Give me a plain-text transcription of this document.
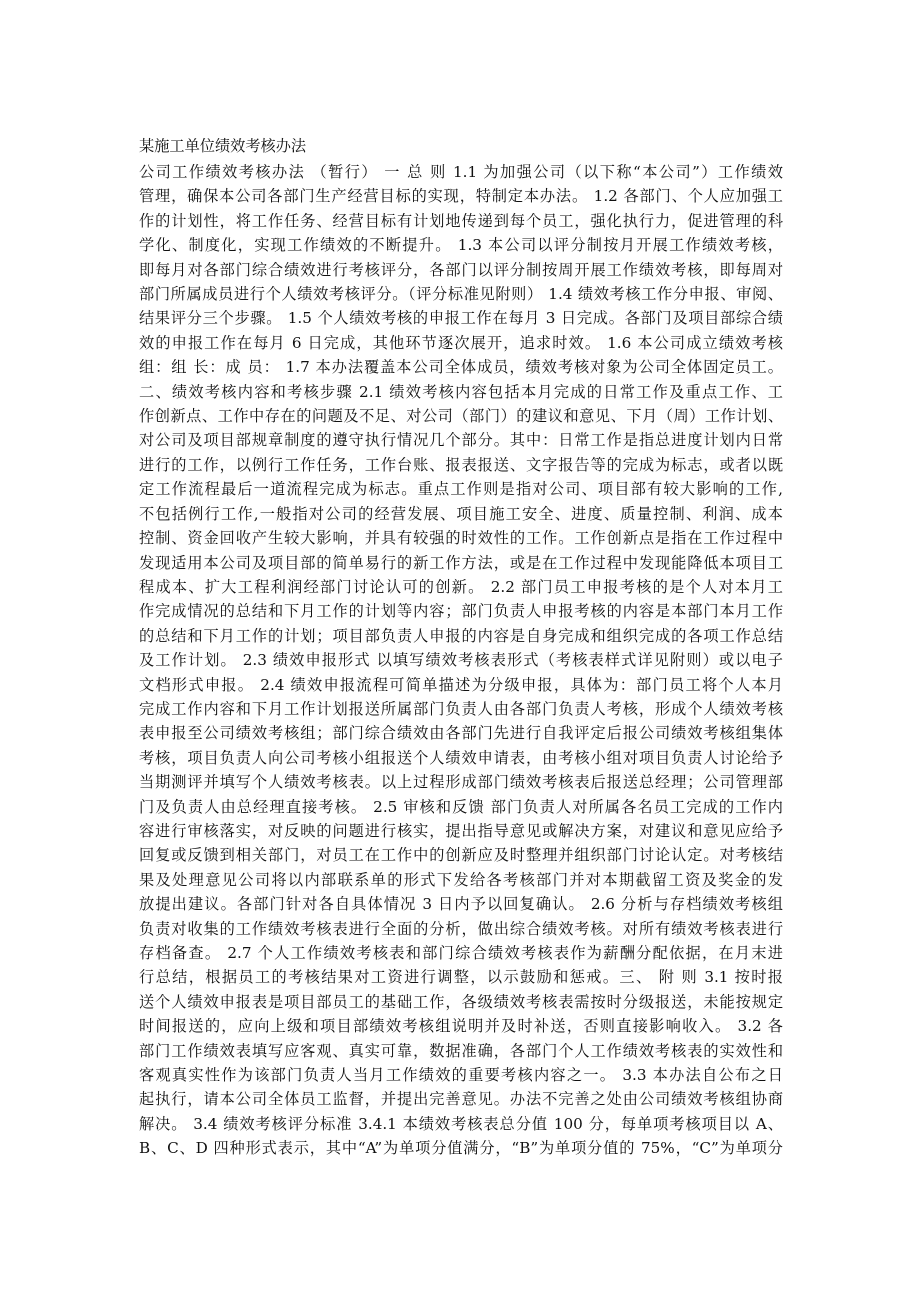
某施工单位绩效考核办法
公司工作绩效考核办法 （暂行） 一 总 则 1.1 为加强公司（以下称“本公司”）工作绩效
管理，确保本公司各部门生产经营目标的实现，特制定本办法。 1.2 各部门、个人应加强工
作的计划性，将工作任务、经营目标有计划地传递到每个员工，强化执行力，促进管理的科
学化、制度化，实现工作绩效的不断提升。 1.3 本公司以评分制按月开展工作绩效考核，
即每月对各部门综合绩效进行考核评分，各部门以评分制按周开展工作绩效考核，即每周对
部门所属成员进行个人绩效考核评分。（评分标准见附则） 1.4 绩效考核工作分申报、审阅、
结果评分三个步骤。 1.5 个人绩效考核的申报工作在每月 3 日完成。各部门及项目部综合绩
效的申报工作在每月 6 日完成，其他环节逐次展开，追求时效。 1.6 本公司成立绩效考核
组：组 长：成 员： 1.7 本办法覆盖本公司全体成员，绩效考核对象为公司全体固定员工。
二、绩效考核内容和考核步骤 2.1 绩效考核内容包括本月完成的日常工作及重点工作、工
作创新点、工作中存在的问题及不足、对公司（部门）的建议和意见、下月（周）工作计划、
对公司及项目部规章制度的遵守执行情况几个部分。其中：日常工作是指总进度计划内日常
进行的工作，以例行工作任务，工作台账、报表报送、文字报告等的完成为标志，或者以既
定工作流程最后一道流程完成为标志。重点工作则是指对公司、项目部有较大影响的工作,
不包括例行工作,一般指对公司的经营发展、项目施工安全、进度、质量控制、利润、成本
控制、资金回收产生较大影响，并具有较强的时效性的工作。工作创新点是指在工作过程中
发现适用本公司及项目部的简单易行的新工作方法，或是在工作过程中发现能降低本项目工
程成本、扩大工程利润经部门讨论认可的创新。 2.2 部门员工申报考核的是个人对本月工
作完成情况的总结和下月工作的计划等内容；部门负责人申报考核的内容是本部门本月工作
的总结和下月工作的计划；项目部负责人申报的内容是自身完成和组织完成的各项工作总结
及工作计划。 2.3 绩效申报形式 以填写绩效考核表形式（考核表样式详见附则）或以电子
文档形式申报。 2.4 绩效申报流程可简单描述为分级申报，具体为：部门员工将个人本月
完成工作内容和下月工作计划报送所属部门负责人由各部门负责人考核，形成个人绩效考核
表申报至公司绩效考核组；部门综合绩效由各部门先进行自我评定后报公司绩效考核组集体
考核，项目负责人向公司考核小组报送个人绩效申请表，由考核小组对项目负责人讨论给予
当期测评并填写个人绩效考核表。以上过程形成部门绩效考核表后报送总经理；公司管理部
门及负责人由总经理直接考核。 2.5 审核和反馈 部门负责人对所属各名员工完成的工作内
容进行审核落实，对反映的问题进行核实，提出指导意见或解决方案，对建议和意见应给予
回复或反馈到相关部门，对员工在工作中的创新应及时整理并组织部门讨论认定。对考核结
果及处理意见公司将以内部联系单的形式下发给各考核部门并对本期截留工资及奖金的发
放提出建议。各部门针对各自具体情况 3 日内予以回复确认。 2.6 分析与存档绩效考核组
负责对收集的工作绩效考核表进行全面的分析，做出综合绩效考核。对所有绩效考核表进行
存档备查。 2.7 个人工作绩效考核表和部门综合绩效考核表作为薪酬分配依据，在月末进
行总结，根据员工的考核结果对工资进行调整，以示鼓励和惩戒。三、 附 则 3.1 按时报
送个人绩效申报表是项目部员工的基础工作，各级绩效考核表需按时分级报送，未能按规定
时间报送的，应向上级和项目部绩效考核组说明并及时补送，否则直接影响收入。 3.2 各
部门工作绩效表填写应客观、真实可靠，数据准确，各部门个人工作绩效考核表的实效性和
客观真实性作为该部门负责人当月工作绩效的重要考核内容之一。 3.3 本办法自公布之日
起执行，请本公司全体员工监督，并提出完善意见。办法不完善之处由公司绩效考核组协商
解决。 3.4 绩效考核评分标准 3.4.1 本绩效考核表总分值 100 分，每单项考核项目以 A、
B、C、D 四种形式表示，其中“A”为单项分值满分，“B”为单项分值的 75%，“C”为单项分
